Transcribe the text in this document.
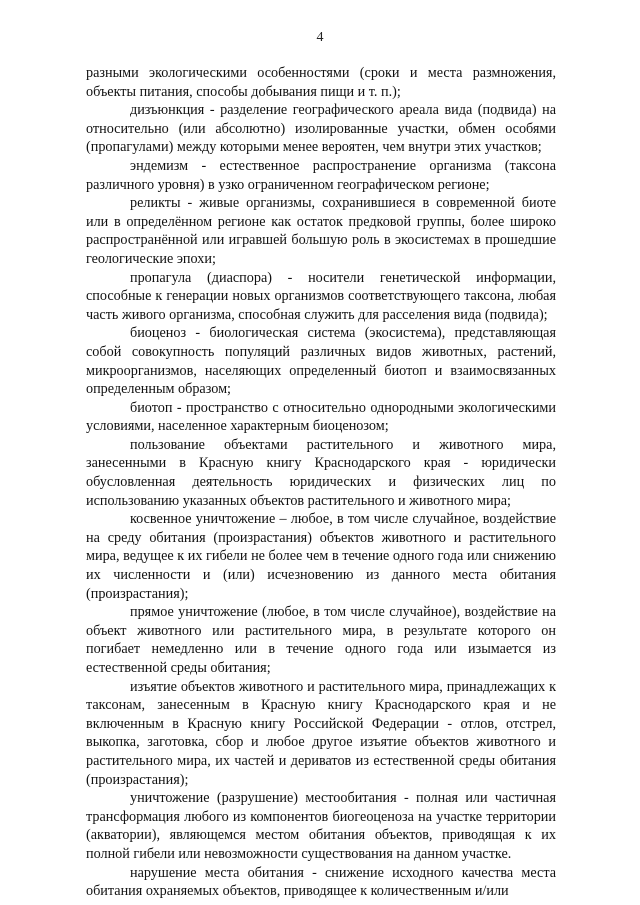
4

разными экологическими особенностями (сроки и места размножения, объекты питания, способы добывания пищи и т. п.);

дизъюнкция - разделение географического ареала вида (подвида) на относительно (или абсолютно) изолированные участки, обмен особями (пропагулами) между которыми менее вероятен, чем внутри этих участков;

эндемизм - естественное распространение организма (таксона различного уровня) в узко ограниченном географическом регионе;

реликты - живые организмы, сохранившиеся в современной биоте или в определённом регионе как остаток предковой группы, более широко распространённой или игравшей большую роль в экосистемах в прошедшие геологические эпохи;

пропагула (диаспора) - носители генетической информации, способные к генерации новых организмов соответствующего таксона, любая часть живого организма, способная служить для расселения вида (подвида);

биоценоз - биологическая система (экосистема), представляющая собой совокупность популяций различных видов животных, растений, микроорганизмов, населяющих определенный биотоп и взаимосвязанных определенным образом;

биотоп - пространство с относительно однородными экологическими условиями, населенное характерным биоценозом;

пользование объектами растительного и животного мира, занесенными в Красную книгу Краснодарского края - юридически обусловленная деятельность юридических и физических лиц по использованию указанных объектов растительного и животного мира;

косвенное уничтожение – любое, в том числе случайное, воздействие на среду обитания (произрастания) объектов животного и растительного мира, ведущее к их гибели не более чем в течение одного года или снижению их численности и (или) исчезновению из данного места обитания (произрастания);

прямое уничтожение (любое, в том числе случайное), воздействие на объект животного или растительного мира, в результате которого он погибает немедленно или в течение одного года или изымается из естественной среды обитания;

изъятие объектов животного и растительного мира, принадлежащих к таксонам, занесенным в Красную книгу Краснодарского края и не включенным в Красную книгу Российской Федерации - отлов, отстрел, выкопка, заготовка, сбор и любое другое изъятие объектов животного и растительного мира, их частей и дериватов из естественной среды обитания (произрастания);

уничтожение (разрушение) местообитания - полная или частичная трансформация любого из компонентов биогеоценоза на участке территории (акватории), являющемся местом обитания объектов, приводящая к их полной гибели или невозможности существования на данном участке.

нарушение места обитания - снижение исходного качества места обитания охраняемых объектов, приводящее к количественным и/или
